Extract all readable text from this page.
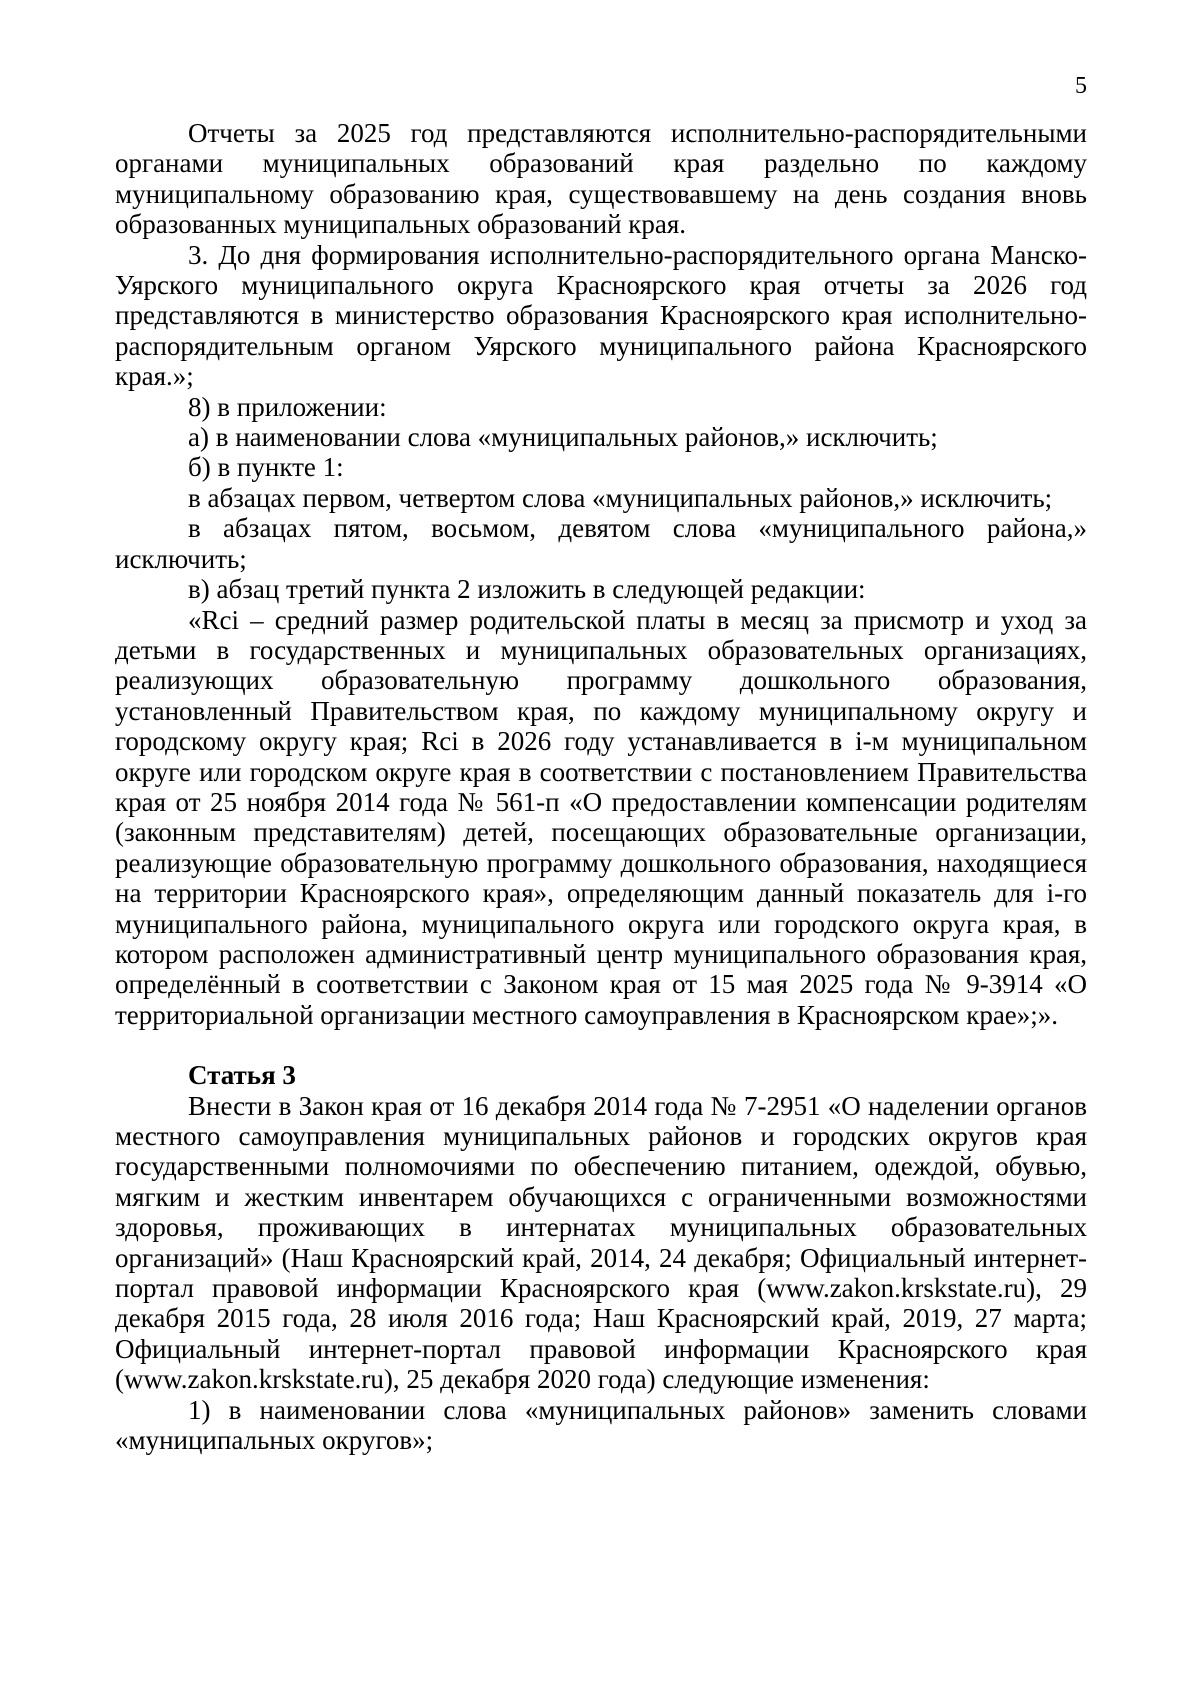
5

Отчеты за 2025 год представляются исполнительно-распорядительными органами муниципальных образований края раздельно по каждому муниципальному образованию края, существовавшему на день создания вновь образованных муниципальных образований края.

3. До дня формирования исполнительно-распорядительного органа Манско-Уярского муниципального округа Красноярского края отчеты за 2026 год представляются в министерство образования Красноярского края исполнительно-распорядительным органом Уярского муниципального района Красноярского края.»;

8) в приложении:

а) в наименовании слова «муниципальных районов,» исключить;

б) в пункте 1:

в абзацах первом, четвертом слова «муниципальных районов,» исключить;

в абзацах пятом, восьмом, девятом слова «муниципального района,» исключить;

в) абзац третий пункта 2 изложить в следующей редакции:

«Rci – средний размер родительской платы в месяц за присмотр и уход за детьми в государственных и муниципальных образовательных организациях, реализующих образовательную программу дошкольного образования, установленный Правительством края, по каждому муниципальному округу и городскому округу края; Rci в 2026 году устанавливается в i-м муниципальном округе или городском округе края в соответствии с постановлением Правительства края от 25 ноября 2014 года № 561-п «О предоставлении компенсации родителям (законным представителям) детей, посещающих образовательные организации, реализующие образовательную программу дошкольного образования, находящиеся на территории Красноярского края», определяющим данный показатель для i-го муниципального района, муниципального округа или городского округа края, в котором расположен административный центр муниципального образования края, определённый в соответствии с Законом края от 15 мая 2025 года № 9-3914 «О территориальной организации местного самоуправления в Красноярском крае»;».

Статья 3

Внести в Закон края от 16 декабря 2014 года № 7-2951 «О наделении органов местного самоуправления муниципальных районов и городских округов края государственными полномочиями по обеспечению питанием, одеждой, обувью, мягким и жестким инвентарем обучающихся с ограниченными возможностями здоровья, проживающих в интернатах муниципальных образовательных организаций» (Наш Красноярский край, 2014, 24 декабря; Официальный интернет-портал правовой информации Красноярского края (www.zakon.krskstate.ru), 29 декабря 2015 года, 28 июля 2016 года; Наш Красноярский край, 2019, 27 марта; Официальный интернет-портал правовой информации Красноярского края (www.zakon.krskstate.ru), 25 декабря 2020 года) следующие изменения:

1) в наименовании слова «муниципальных районов» заменить словами «муниципальных округов»;
